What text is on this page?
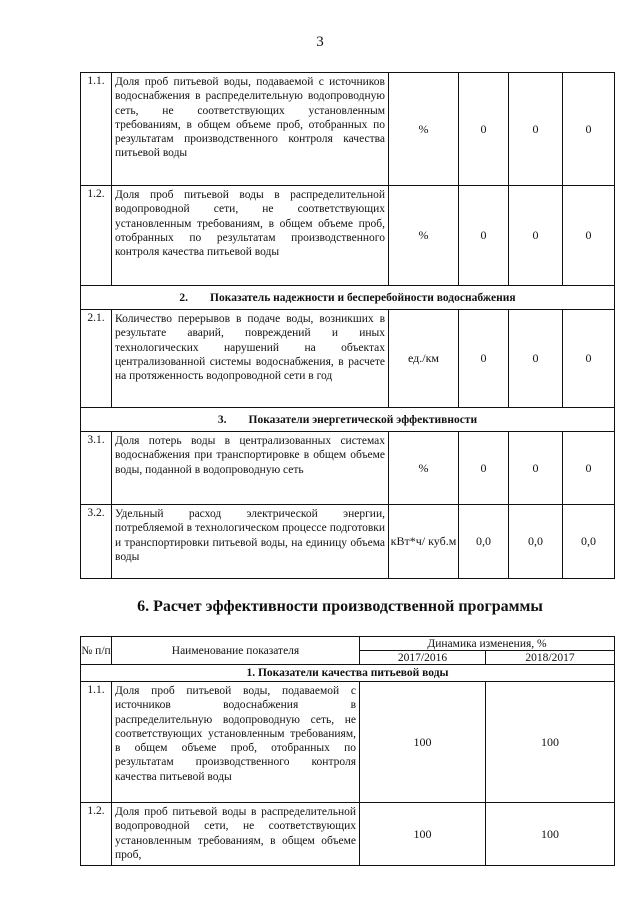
3
1.1.	Доля проб питьевой воды, подаваемой с источников водоснабжения в распределительную водопроводную сеть, не соответствующих установленным требованиям, в общем объеме проб, отобранных по результатам производственного контроля качества питьевой воды	%	0	0	0
1.2.	Доля проб питьевой воды в распределительной водопроводной сети, не соответствующих установленным требованиям, в общем объеме проб, отобранных по результатам производственного контроля качества питьевой воды	%	0	0	0
2. Показатель надежности и бесперебойности водоснабжения					
2.1.	Количество перерывов в подаче воды, возникших в результате аварий, повреждений и иных технологических нарушений на объектах централизованной системы водоснабжения, в расчете на протяженность водопроводной сети в год	ед./км	0	0	0
3. Показатели энергетической эффективности					
3.1.	Доля потерь воды в централизованных системах водоснабжения при транспортировке в общем объеме воды, поданной в водопроводную сеть	%	0	0	0
3.2.	Удельный расход электрической энергии, потребляемой в технологическом процессе подготовки и транспортировки питьевой воды, на единицу объема воды	кВт*ч/ куб.м	0,0	0,0	0,0
6. Расчет эффективности производственной программы
№ п/п	Наименование показателя	Динамика изменения, %	
		2017/2016	2018/2017
1. Показатели качества питьевой воды			
1.1.	Доля проб питьевой воды, подаваемой с источников водоснабжения в распределительную водопроводную сеть, не соответствующих установленным требованиям, в общем объеме проб, отобранных по результатам производственного контроля качества питьевой воды	100	100
1.2.	Доля проб питьевой воды в распределительной водопроводной сети, не соответствующих установленным требованиям, в общем объеме проб,	100	100
